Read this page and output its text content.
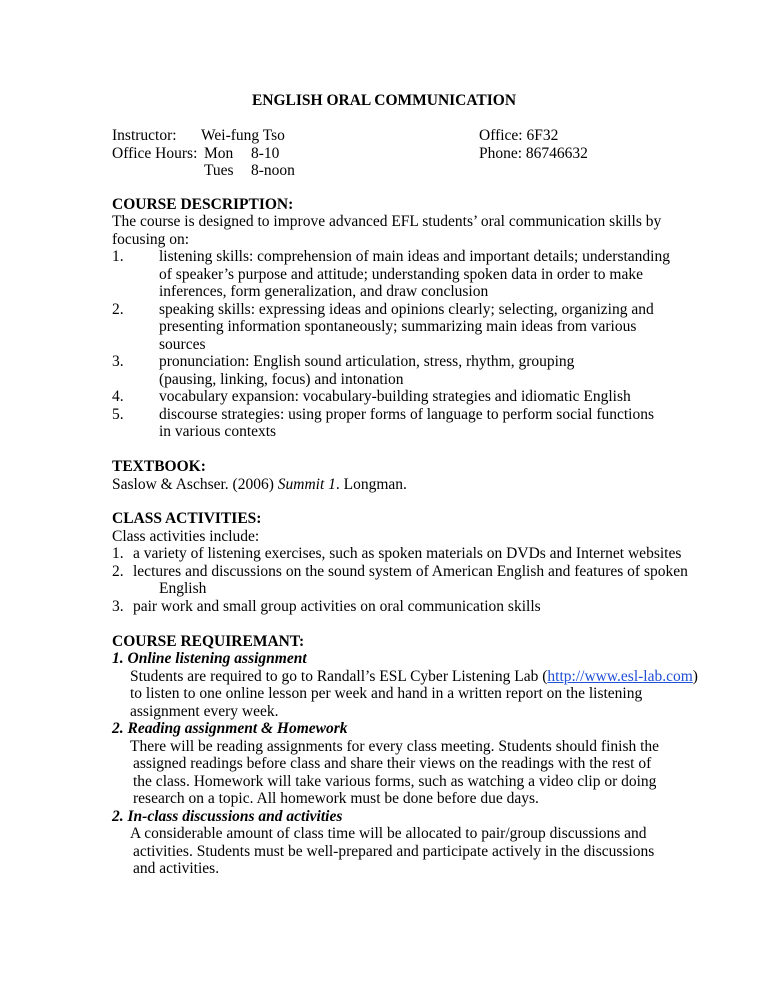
ENGLISH ORAL COMMUNICATION
Instructor: Wei-fung Tso
Office Hours: Mon 8-10
Tues 8-noon
Office: 6F32
Phone: 86746632
COURSE DESCRIPTION:
The course is designed to improve advanced EFL students’ oral communication skills by
focusing on:
1. listening skills: comprehension of main ideas and important details; understanding
of speaker’s purpose and attitude; understanding spoken data in order to make
inferences, form generalization, and draw conclusion
2. speaking skills: expressing ideas and opinions clearly; selecting, organizing and
presenting information spontaneously; summarizing main ideas from various
sources
3. pronunciation: English sound articulation, stress, rhythm, grouping
(pausing, linking, focus) and intonation
4. vocabulary expansion: vocabulary-building strategies and idiomatic English
5. discourse strategies: using proper forms of language to perform social functions
in various contexts
TEXTBOOK:
Saslow & Aschser. (2006) Summit 1. Longman.
CLASS ACTIVITIES:
Class activities include:
1. a variety of listening exercises, such as spoken materials on DVDs and Internet websites
2. lectures and discussions on the sound system of American English and features of spoken
English
3. pair work and small group activities on oral communication skills
COURSE REQUIREMANT:
1. Online listening assignment
Students are required to go to Randall’s ESL Cyber Listening Lab (http://www.esl-lab.com)
to listen to one online lesson per week and hand in a written report on the listening
assignment every week.
2. Reading assignment & Homework
There will be reading assignments for every class meeting. Students should finish the
assigned readings before class and share their views on the readings with the rest of
the class. Homework will take various forms, such as watching a video clip or doing
research on a topic. All homework must be done before due days.
2. In-class discussions and activities
A considerable amount of class time will be allocated to pair/group discussions and
activities. Students must be well-prepared and participate actively in the discussions
and activities.
